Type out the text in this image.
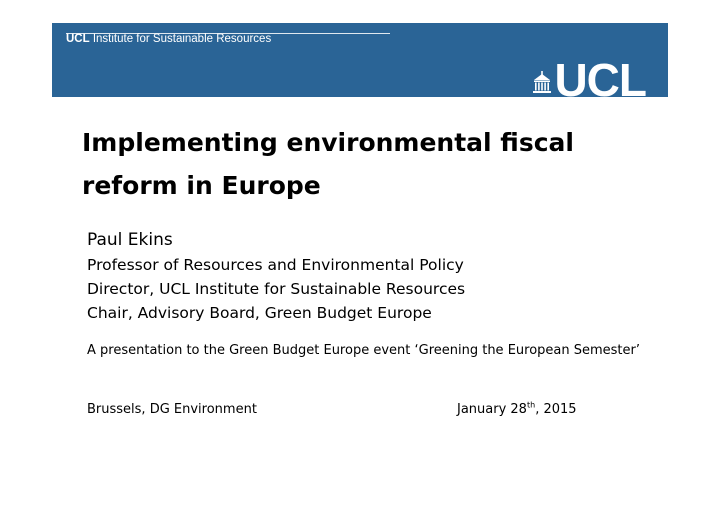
UCL Institute for Sustainable Resources
UCL
Implementing environmental fiscal reform in Europe
Paul Ekins
Professor of Resources and Environmental Policy
Director, UCL Institute for Sustainable Resources
Chair, Advisory Board, Green Budget Europe
A presentation to the Green Budget Europe event ‘Greening the European Semester’
Brussels, DG Environment	January 28th, 2015
